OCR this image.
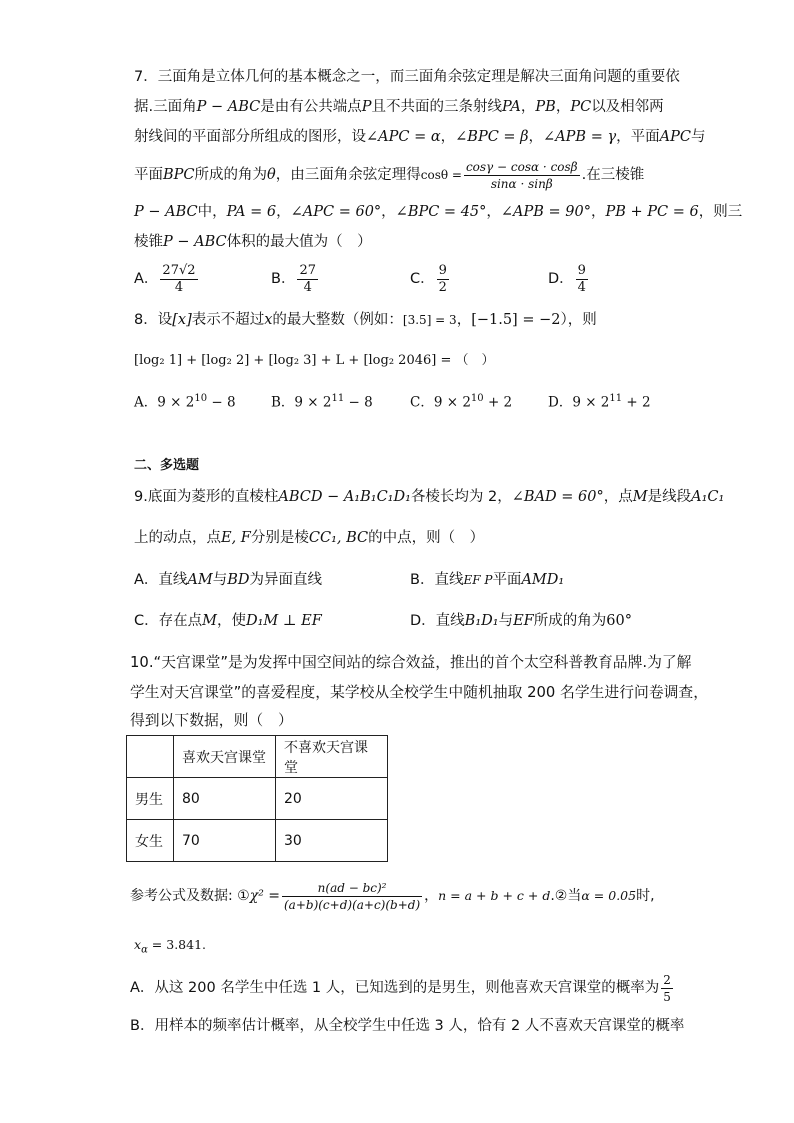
7．三面角是立体几何的基本概念之一，而三面角余弦定理是解决三面角问题的重要依
据.三面角P − ABC是由有公共端点P且不共面的三条射线PA，PB，PC以及相邻两
射线间的平面部分所组成的图形，设∠APC = α，∠BPC = β，∠APB = γ，平面APC与
平面BPC所成的角为θ，由三面角余弦定理得$\cos\theta = \frac{\cos\gamma - \cos\alpha \cdot \cos\beta}{\sin\alpha \cdot \sin\beta}$ .在三棱锥
P − ABC中，PA = 6，∠APC = 60°，∠BPC = 45°，∠APB = 90°，PB + PC = 6，则三
棱锥P − ABC体积的最大值为（　）
A． $\frac{27√2}{4}$	B． $\frac{27}{4}$	C． $\frac{9}{2}$	D． $\frac{9}{4}$
8．设[x]表示不超过x的最大整数（例如：[3.5] = 3，[−1.5] = −2），则
[log₂ 1] + [log₂ 2] + [log₂ 3] + L + [log₂ 2046] = （　）
A．$9 \times 2^{10} - 8$	B．$9 \times 2^{11} - 8$	C．$9 \times 2^{10} + 2$	D．$9 \times 2^{11} + 2$
二、多选题
9.底面为菱形的直棱柱ABCD − A₁B₁C₁D₁各棱长均为 2，∠BAD = 60°，点M是线段A₁C₁
上的动点，点E, F分别是棱CC₁, BC的中点，则（　）
A．直线AM与BD为异面直线	B．直线EF P平面AMD₁
C．存在点M，使D₁M ⊥ EF	D．直线B₁D₁与EF所成的角为60°
10.“天宫课堂”是为发挥中国空间站的综合效益，推出的首个太空科普教育品牌.为了解
学生对天宫课堂”的喜爱程度，某学校从全校学生中随机抽取 200 名学生进行问卷调查，
得到以下数据，则（　）
	喜欢天宫课堂	不喜欢天宫课堂
男生	80	20
女生	70	30
参考公式及数据: ①χ² = $\frac{\text{n(ad − bc)²}}{(a+b)(c+d)(a+c)(b+d)}$ ，n = a + b + c + d.②当α = 0.05时,
$x_\alpha = 3.841$.
A．从这 200 名学生中任选 1 人，已知选到的是男生，则他喜欢天宫课堂的概率为 $\frac{2}{5}$
B．用样本的频率估计概率，从全校学生中任选 3 人，恰有 2 人不喜欢天宫课堂的概率
